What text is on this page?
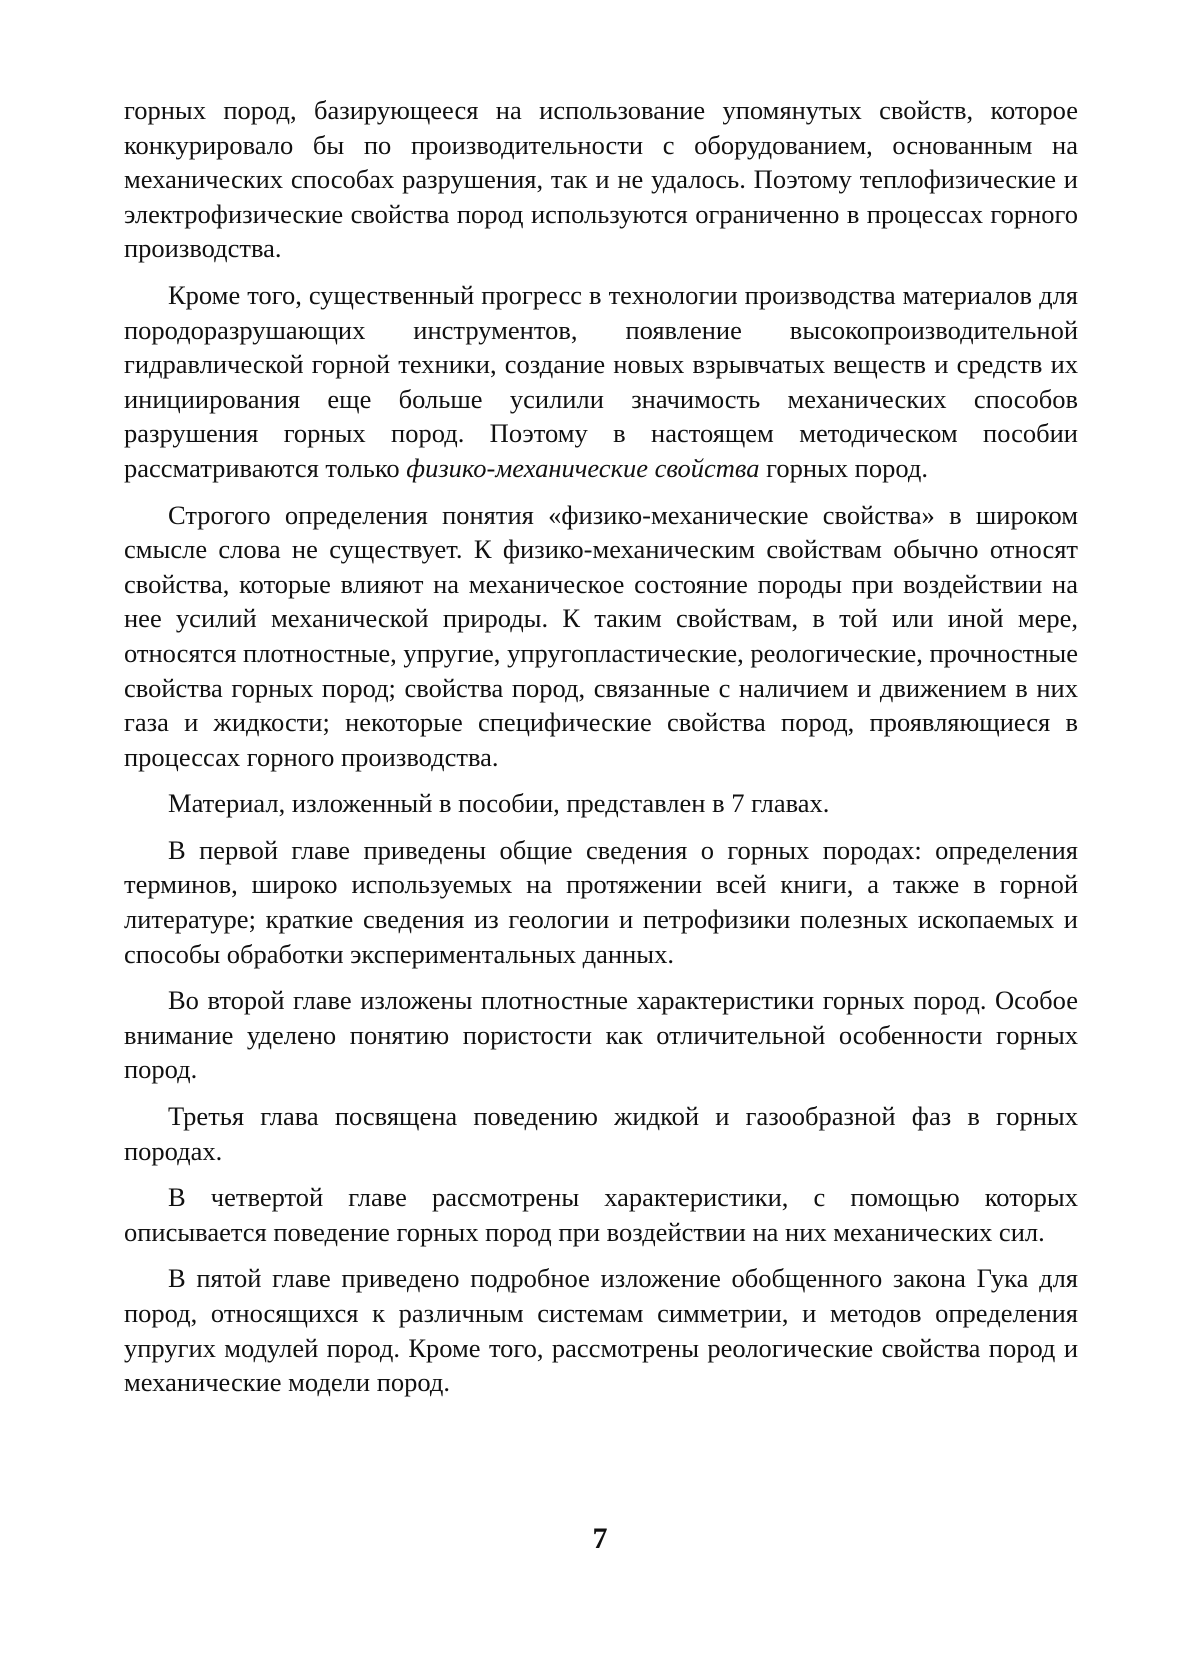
горных пород, базирующееся на использование упомянутых свойств, которое конкурировало бы по производительности с оборудованием, основанным на механических способах разрушения, так и не удалось. Поэтому теплофизические и электрофизические свойства пород используются ограниченно в процессах горного производства.

Кроме того, существенный прогресс в технологии производства материалов для породоразрушающих инструментов, появление высокопроизводительной гидравлической горной техники, создание новых взрывчатых веществ и средств их инициирования еще больше усилили значимость механических способов разрушения горных пород. Поэтому в настоящем методическом пособии рассматриваются только физико-механические свойства горных пород.

Строгого определения понятия «физико-механические свойства» в широком смысле слова не существует. К физико-механическим свойствам обычно относят свойства, которые влияют на механическое состояние породы при воздействии на нее усилий механической природы. К таким свойствам, в той или иной мере, относятся плотностные, упругие, упругопластические, реологические, прочностные свойства горных пород; свойства пород, связанные с наличием и движением в них газа и жидкости; некоторые специфические свойства пород, проявляющиеся в процессах горного производства.

Материал, изложенный в пособии, представлен в 7 главах.

В первой главе приведены общие сведения о горных породах: определения терминов, широко используемых на протяжении всей книги, а также в горной литературе; краткие сведения из геологии и петрофизики полезных ископаемых и способы обработки экспериментальных данных.

Во второй главе изложены плотностные характеристики горных пород. Особое внимание уделено понятию пористости как отличительной особенности горных пород.

Третья глава посвящена поведению жидкой и газообразной фаз в горных породах.

В четвертой главе рассмотрены характеристики, с помощью которых описывается поведение горных пород при воздействии на них механических сил.

В пятой главе приведено подробное изложение обобщенного закона Гука для пород, относящихся к различным системам симметрии, и методов определения упругих модулей пород. Кроме того, рассмотрены реологические свойства пород и механические модели пород.

7
